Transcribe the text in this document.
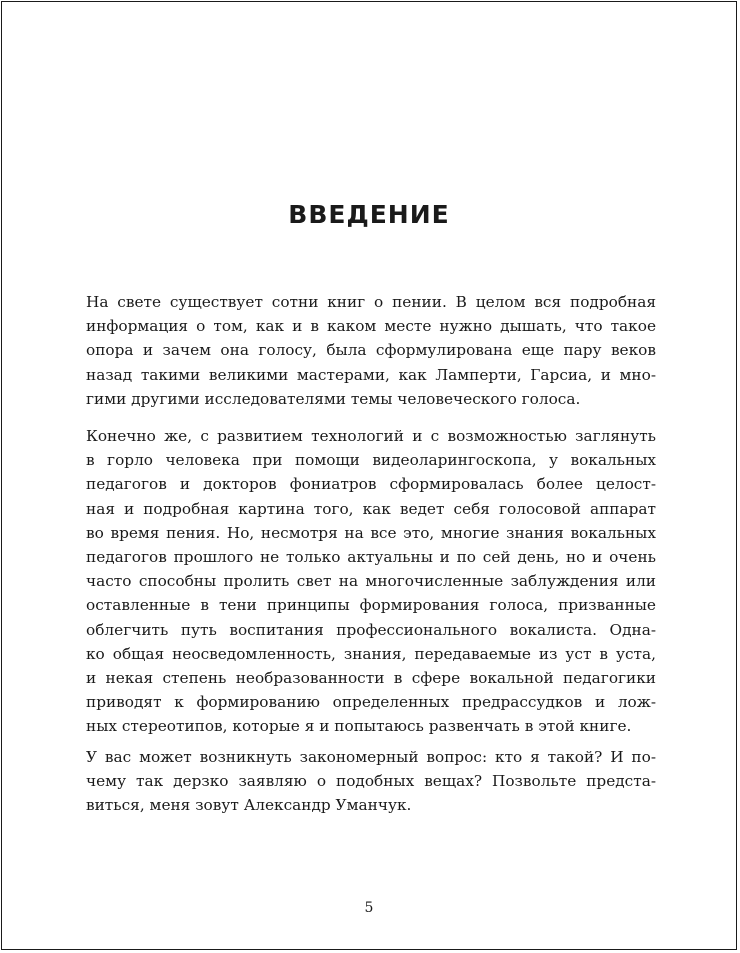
ВВЕДЕНИЕ

На свете существует сотни книг о пении. В целом вся подробная
информация о том, как и в каком месте нужно дышать, что такое
опора и зачем она голосу, была сформулирована еще пару веков
назад такими великими мастерами, как Ламперти, Гарсиа, и мно-
гими другими исследователями темы человеческого голоса.

Конечно же, с развитием технологий и с возможностью заглянуть
в горло человека при помощи видеоларингоскопа, у вокальных
педагогов и докторов фониатров сформировалась более целост-
ная и подробная картина того, как ведет себя голосовой аппарат
во время пения. Но, несмотря на все это, многие знания вокальных
педагогов прошлого не только актуальны и по сей день, но и очень
часто способны пролить свет на многочисленные заблуждения или
оставленные в тени принципы формирования голоса, призванные
облегчить путь воспитания профессионального вокалиста. Одна-
ко общая неосведомленность, знания, передаваемые из уст в уста,
и некая степень необразованности в сфере вокальной педагогики
приводят к формированию определенных предрассудков и лож-
ных стереотипов, которые я и попытаюсь развенчать в этой книге.

У вас может возникнуть закономерный вопрос: кто я такой? И по-
чему так дерзко заявляю о подобных вещах? Позвольте предста-
виться, меня зовут Александр Уманчук.

5
